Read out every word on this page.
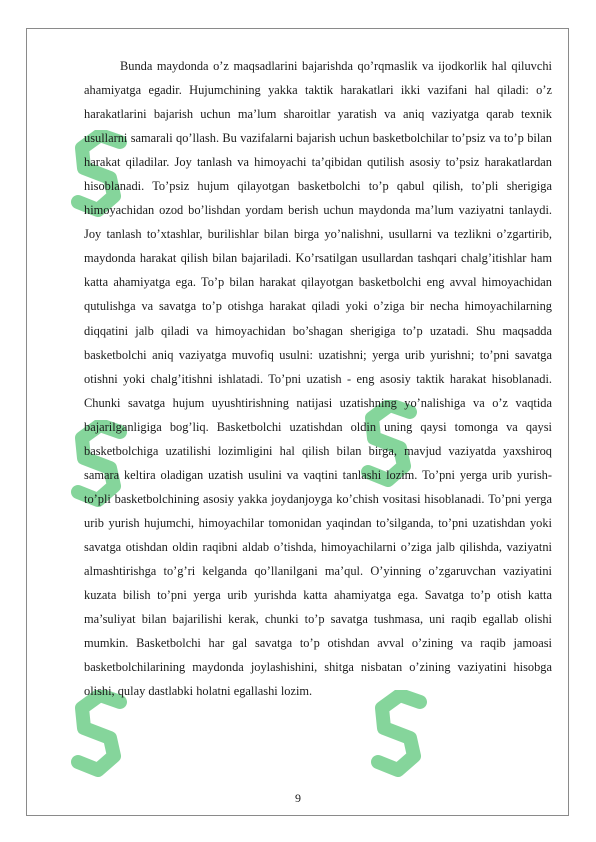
Bunda maydonda o’z maqsadlarini bajarishda qo’rqmaslik va ijodkorlik hal qiluvchi ahamiyatga egadir. Hujumchining yakka taktik harakatlari ikki vazifani hal qiladi: o’z harakatlarini bajarish uchun ma’lum sharoitlar yaratish va aniq vaziyatga qarab texnik usullarni samarali qo’llash. Bu vazifalarni bajarish uchun basketbolchilar to’psiz va to’p bilan harakat qiladilar. Joy tanlash va himoyachi ta’qibidan qutilish asosiy to’psiz harakatlardan hisoblanadi. To’psiz hujum qilayotgan basketbolchi to’p qabul qilish, to’pli sherigiga himoyachidan ozod bo’lishdan yordam berish uchun maydonda ma’lum vaziyatni tanlaydi. Joy tanlash to’xtashlar, burilishlar bilan birga yo’nalishni, usullarni va tezlikni o’zgartirib, maydonda harakat qilish bilan bajariladi. Ko’rsatilgan usullardan tashqari chalg’itishlar ham katta ahamiyatga ega. To’p bilan harakat qilayotgan basketbolchi eng avval himoyachidan qutulishga va savatga to’p otishga harakat qiladi yoki o’ziga bir necha himoyachilarning diqqatini jalb qiladi va himoyachidan bo’shagan sherigiga to’p uzatadi. Shu maqsadda basketbolchi aniq vaziyatga muvofiq usulni: uzatishni; yerga urib yurishni; to’pni savatga otishni yoki chalg’itishni ishlatadi. To’pni uzatish - eng asosiy taktik harakat hisoblanadi. Chunki savatga hujum uyushtirishning natijasi uzatishning yo’nalishiga va o’z vaqtida bajarilganligiga bog’liq. Basketbolchi uzatishdan oldin uning qaysi tomonga va qaysi basketbolchiga uzatilishi lozimligini hal qilish bilan birga, mavjud vaziyatda yaxshiroq samara keltira oladigan uzatish usulini va vaqtini tanlashi lozim. To’pni yerga urib yurish-to’pli basketbolchining asosiy yakka joydanjoyga ko’chish vositasi hisoblanadi. To’pni yerga urib yurish hujumchi, himoyachilar tomonidan yaqindan to’silganda, to’pni uzatishdan yoki savatga otishdan oldin raqibni aldab o’tishda, himoyachilarni o’ziga jalb qilishda, vaziyatni almashtirishga to’g’ri kelganda qo’llanilgani ma’qul. O’yinning o’zgaruvchan vaziyatini kuzata bilish to’pni yerga urib yurishda katta ahamiyatga ega. Savatga to’p otish katta ma’suliyat bilan bajarilishi kerak, chunki to’p savatga tushmasa, uni raqib egallab olishi mumkin. Basketbolchi har gal savatga to’p otishdan avval o’zining va raqib jamoasi basketbolchilarining maydonda joylashishini, shitga nisbatan o’zining vaziyatini hisobga olishi, qulay dastlabki holatni egallashi lozim.

9
